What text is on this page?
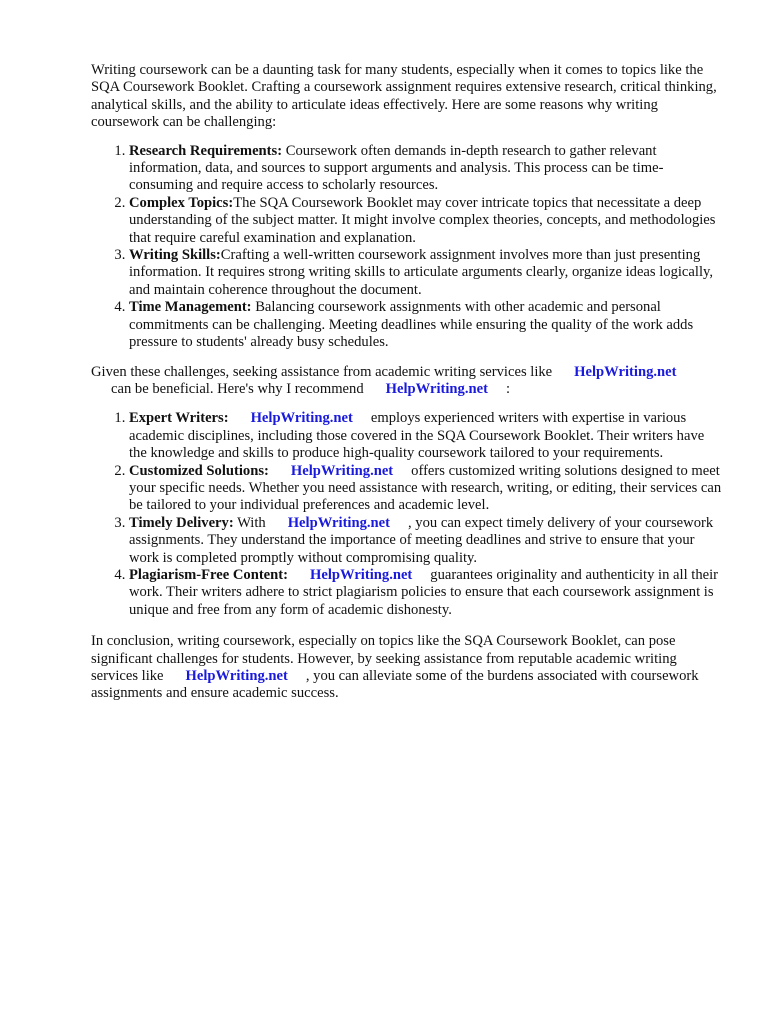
Writing coursework can be a daunting task for many students, especially when it comes to topics like the SQA Coursework Booklet. Crafting a coursework assignment requires extensive research, critical thinking, analytical skills, and the ability to articulate ideas effectively. Here are some reasons why writing coursework can be challenging:

1. Research Requirements: Coursework often demands in-depth research to gather relevant information, data, and sources to support arguments and analysis. This process can be time-consuming and require access to scholarly resources.
2. Complex Topics:The SQA Coursework Booklet may cover intricate topics that necessitate a deep understanding of the subject matter. It might involve complex theories, concepts, and methodologies that require careful examination and explanation.
3. Writing Skills:Crafting a well-written coursework assignment involves more than just presenting information. It requires strong writing skills to articulate arguments clearly, organize ideas logically, and maintain coherence throughout the document.
4. Time Management: Balancing coursework assignments with other academic and personal commitments can be challenging. Meeting deadlines while ensuring the quality of the work adds pressure to students' already busy schedules.

Given these challenges, seeking assistance from academic writing services like HelpWriting.net
can be beneficial. Here's why I recommend HelpWriting.net :

1. Expert Writers: HelpWriting.net employs experienced writers with expertise in various academic disciplines, including those covered in the SQA Coursework Booklet. Their writers have the knowledge and skills to produce high-quality coursework tailored to your requirements.
2. Customized Solutions: HelpWriting.net offers customized writing solutions designed to meet your specific needs. Whether you need assistance with research, writing, or editing, their services can be tailored to your individual preferences and academic level.
3. Timely Delivery: With HelpWriting.net , you can expect timely delivery of your coursework assignments. They understand the importance of meeting deadlines and strive to ensure that your work is completed promptly without compromising quality.
4. Plagiarism-Free Content: HelpWriting.net guarantees originality and authenticity in all their work. Their writers adhere to strict plagiarism policies to ensure that each coursework assignment is unique and free from any form of academic dishonesty.

In conclusion, writing coursework, especially on topics like the SQA Coursework Booklet, can pose significant challenges for students. However, by seeking assistance from reputable academic writing services like HelpWriting.net , you can alleviate some of the burdens associated with coursework assignments and ensure academic success.
